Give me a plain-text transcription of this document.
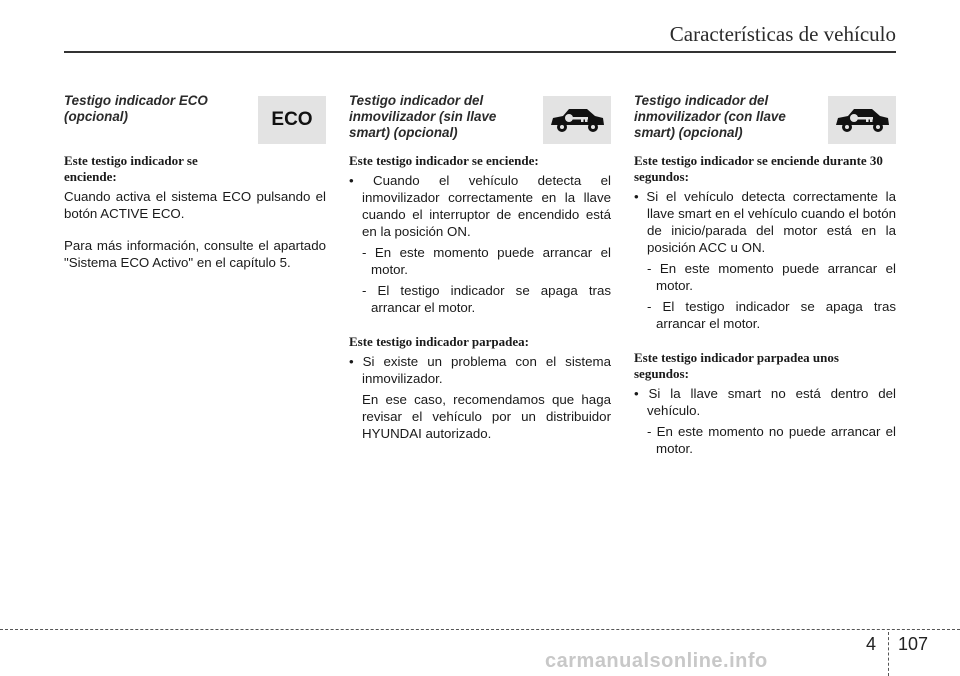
Características de vehículo
Testigo indicador ECO (opcional)	ECO
Este testigo indicador se enciende:
Cuando activa el sistema ECO pulsando el botón ACTIVE ECO.
Para más información, consulte el apartado "Sistema ECO Activo" en el capítulo 5.
Testigo indicador del inmovilizador (sin llave smart) (opcional)
Este testigo indicador se enciende:
• Cuando el vehículo detecta el inmovilizador correctamente en la llave cuando el interruptor de encendido está en la posición ON.
- En este momento puede arrancar el motor.
- El testigo indicador se apaga tras arrancar el motor.
Este testigo indicador parpadea:
• Si existe un problema con el sistema inmovilizador.
En ese caso, recomendamos que haga revisar el vehículo por un distribuidor HYUNDAI autorizado.
Testigo indicador del inmovilizador (con llave smart) (opcional)
Este testigo indicador se enciende durante 30 segundos:
• Si el vehículo detecta correctamente la llave smart en el vehículo cuando el botón de inicio/parada del motor está en la posición ACC u ON.
- En este momento puede arrancar el motor.
- El testigo indicador se apaga tras arrancar el motor.
Este testigo indicador parpadea unos segundos:
• Si la llave smart no está dentro del vehículo.
- En este momento no puede arrancar el motor.
4 107
carmanualsonline.info
